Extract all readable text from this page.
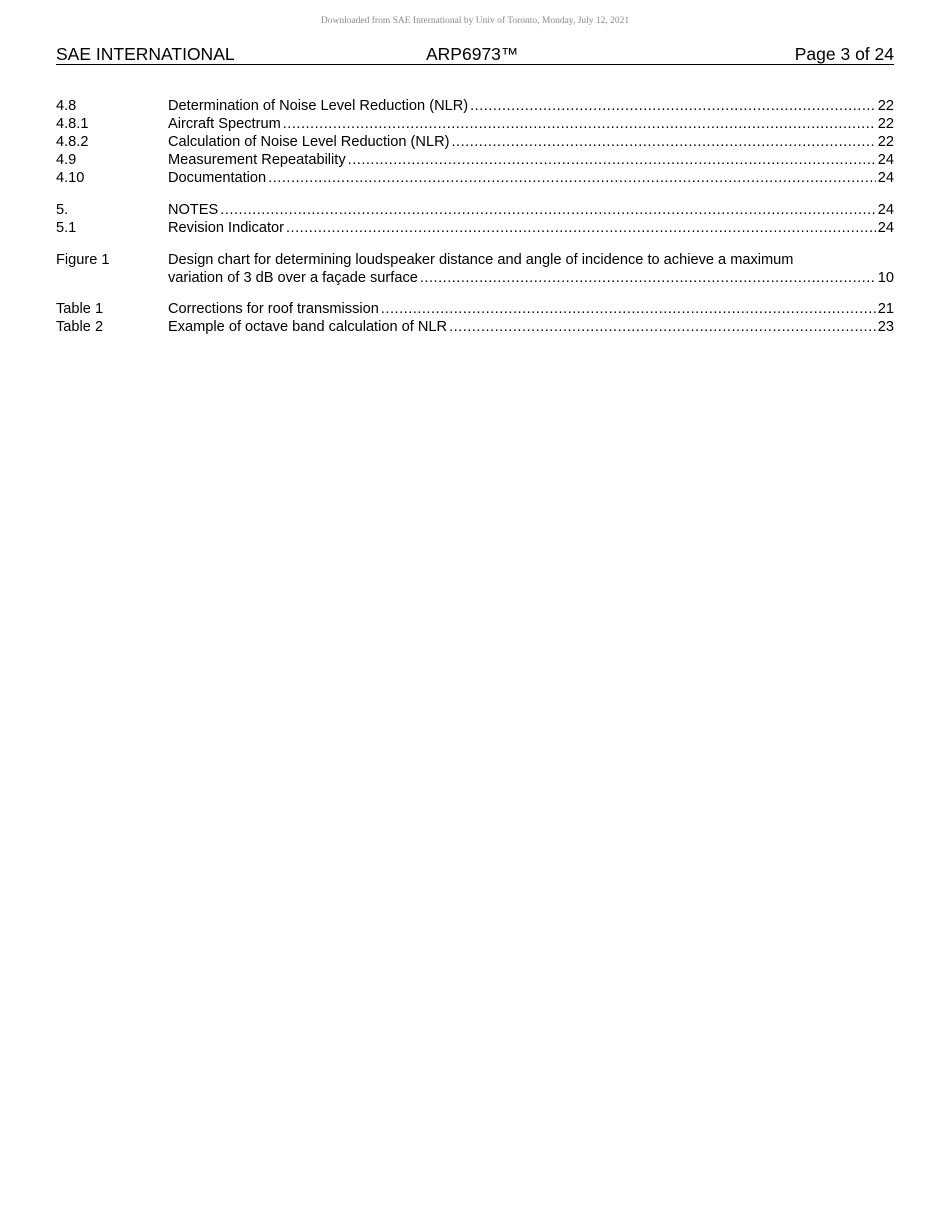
Downloaded from SAE International by Univ of Toronto, Monday, July 12, 2021
SAE INTERNATIONAL	ARP6973™	Page 3 of 24
4.8	Determination of Noise Level Reduction (NLR) .....	22
4.8.1	Aircraft Spectrum .....	22
4.8.2	Calculation of Noise Level Reduction (NLR) .....	22
4.9	Measurement Repeatability .....	24
4.10	Documentation .....	24
5.	NOTES .....	24
5.1	Revision Indicator .....	24
Figure 1	Design chart for determining loudspeaker distance and angle of incidence to achieve a maximum
variation of 3 dB over a façade surface .....	10
Table 1	Corrections for roof transmission .....	21
Table 2	Example of octave band calculation of NLR .....	23
